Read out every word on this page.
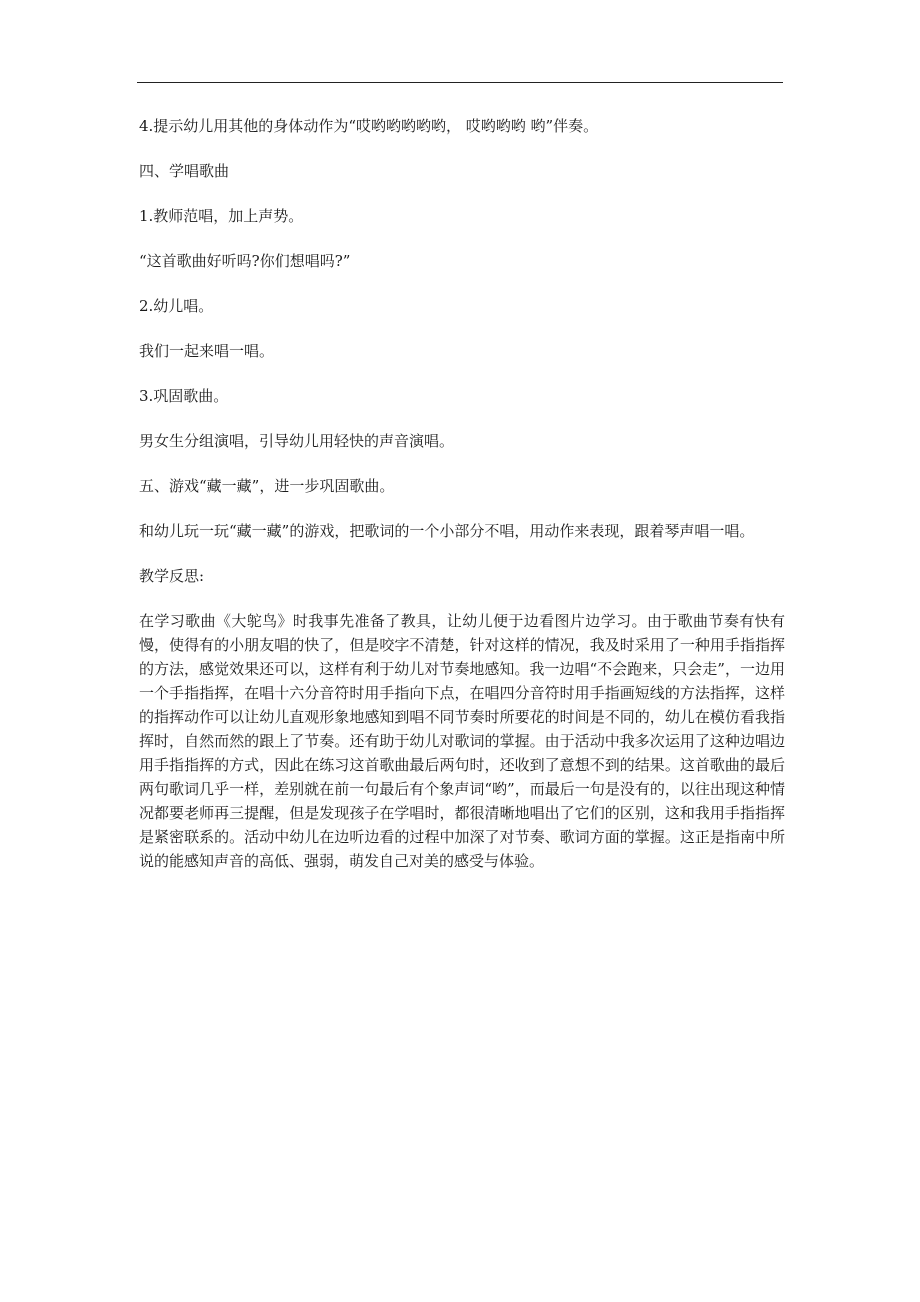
4.提示幼儿用其他的身体动作为“哎哟哟哟哟哟， 哎哟哟哟 哟”伴奏。

四、学唱歌曲

1.教师范唱，加上声势。

“这首歌曲好听吗?你们想唱吗?”

2.幼儿唱。

我们一起来唱一唱。

3.巩固歌曲。

男女生分组演唱，引导幼儿用轻快的声音演唱。

五、游戏“藏一藏”，进一步巩固歌曲。

和幼儿玩一玩“藏一藏”的游戏，把歌词的一个小部分不唱，用动作来表现，跟着琴声唱一唱。

教学反思:

在学习歌曲《大鸵鸟》时我事先准备了教具，让幼儿便于边看图片边学习。由于歌曲节奏有快有慢，使得有的小朋友唱的快了，但是咬字不清楚，针对这样的情况，我及时采用了一种用手指指挥的方法，感觉效果还可以，这样有利于幼儿对节奏地感知。我一边唱“不会跑来，只会走”，一边用一个手指指挥，在唱十六分音符时用手指向下点，在唱四分音符时用手指画短线的方法指挥，这样的指挥动作可以让幼儿直观形象地感知到唱不同节奏时所要花的时间是不同的，幼儿在模仿看我指挥时，自然而然的跟上了节奏。还有助于幼儿对歌词的掌握。由于活动中我多次运用了这种边唱边用手指指挥的方式，因此在练习这首歌曲最后两句时，还收到了意想不到的结果。这首歌曲的最后两句歌词几乎一样，差别就在前一句最后有个象声词“哟”，而最后一句是没有的，以往出现这种情况都要老师再三提醒，但是发现孩子在学唱时，都很清晰地唱出了它们的区别，这和我用手指指挥是紧密联系的。活动中幼儿在边听边看的过程中加深了对节奏、歌词方面的掌握。这正是指南中所说的能感知声音的高低、强弱，萌发自己对美的感受与体验。
